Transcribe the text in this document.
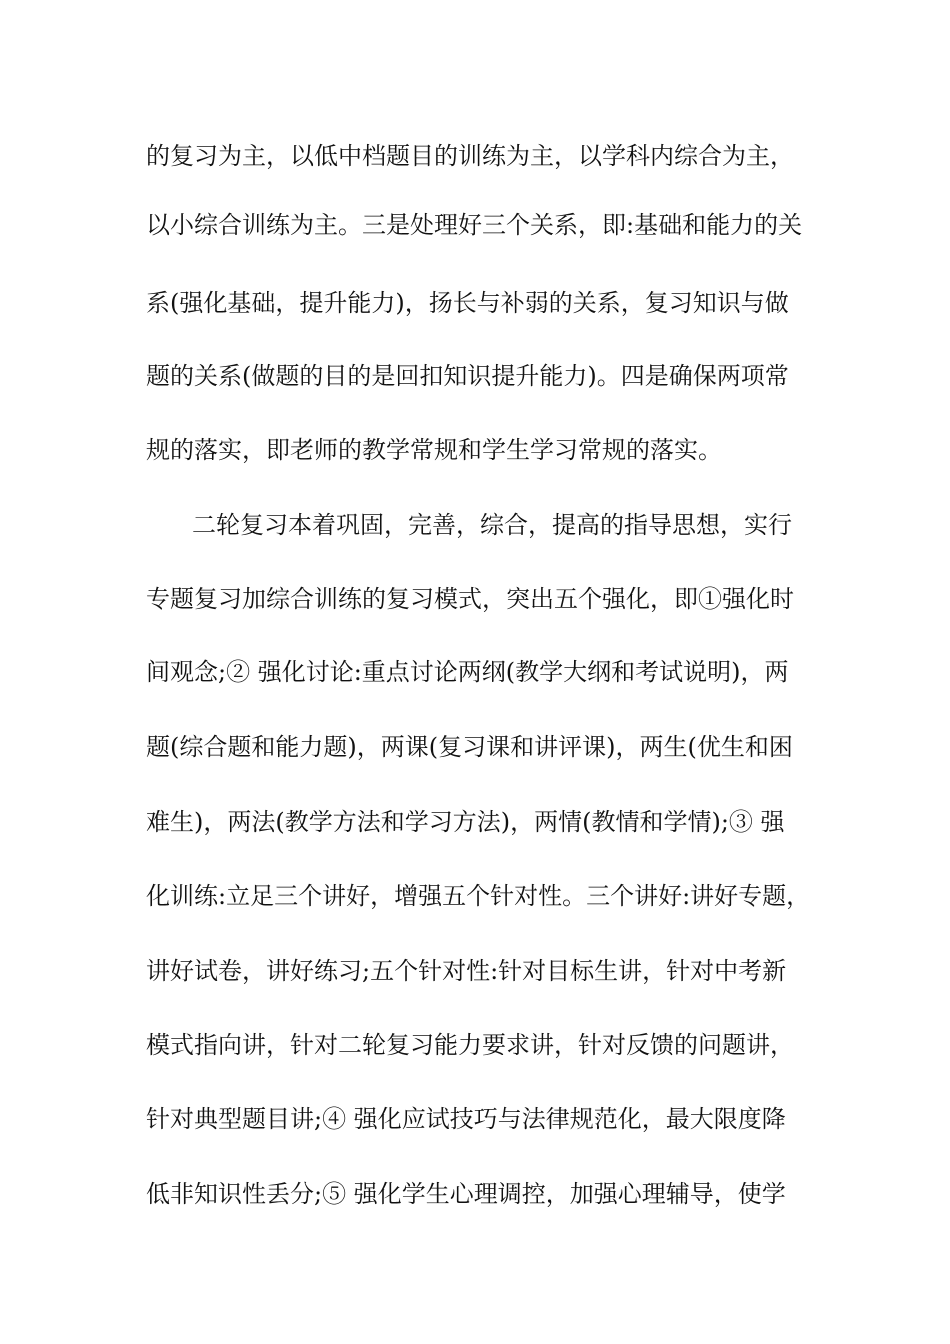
的复习为主，以低中档题目的训练为主，以学科内综合为主，
以小综合训练为主。三是处理好三个关系，即:基础和能力的关
系(强化基础，提升能力)，扬长与补弱的关系，复习知识与做
题的关系(做题的目的是回扣知识提升能力)。四是确保两项常
规的落实，即老师的教学常规和学生学习常规的落实。
二轮复习本着巩固，完善，综合，提高的指导思想，实行
专题复习加综合训练的复习模式，突出五个强化，即①强化时
间观念;② 强化讨论:重点讨论两纲(教学大纲和考试说明)，两
题(综合题和能力题)，两课(复习课和讲评课)，两生(优生和困
难生)，两法(教学方法和学习方法)，两情(教情和学情);③ 强
化训练:立足三个讲好，增强五个针对性。三个讲好:讲好专题，
讲好试卷，讲好练习;五个针对性:针对目标生讲，针对中考新
模式指向讲，针对二轮复习能力要求讲，针对反馈的问题讲，
针对典型题目讲;④ 强化应试技巧与法律规范化，最大限度降
低非知识性丢分;⑤ 强化学生心理调控，加强心理辅导，使学
